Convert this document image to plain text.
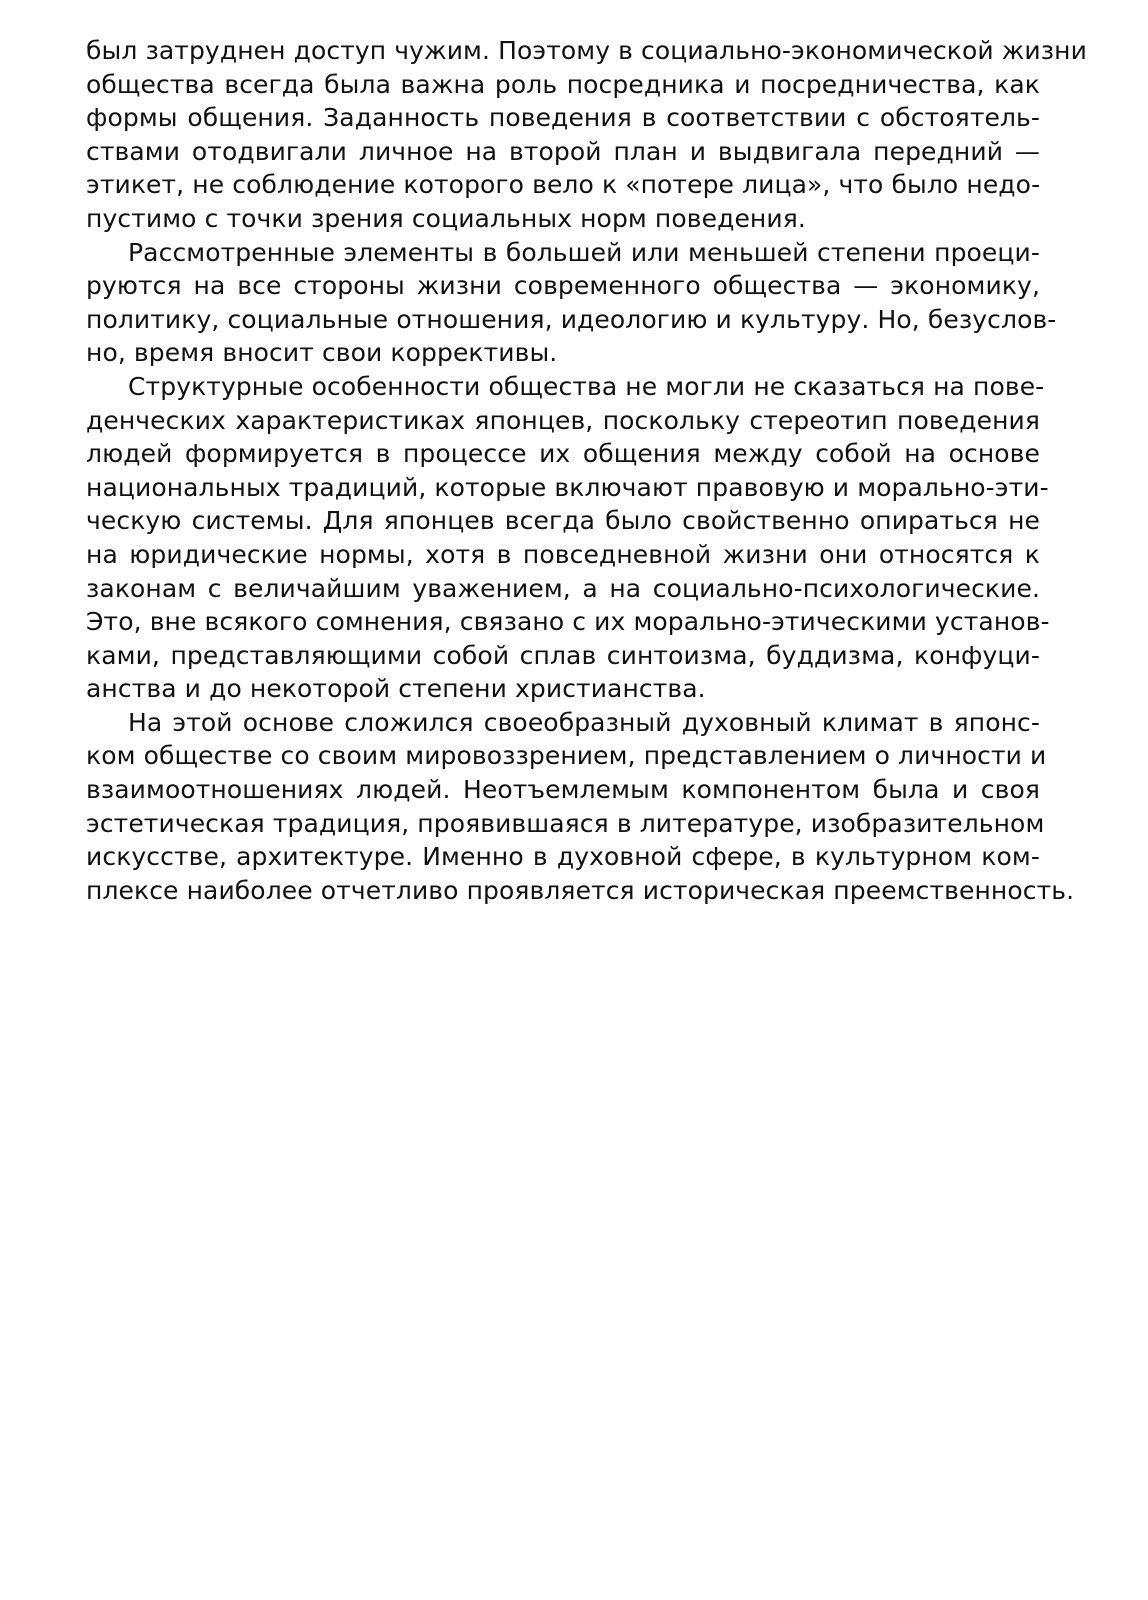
был затруднен доступ чужим. Поэтому в социально-экономической жизни
общества всегда была важна роль посредника и посредничества, как
формы общения. Заданность поведения в соответствии с обстоятель-
ствами отодвигали личное на второй план и выдвигала передний —
этикет, не соблюдение которого вело к «потере лица», что было недо-
пустимо с точки зрения социальных норм поведения.
Рассмотренные элементы в большей или меньшей степени проеци-
руются на все стороны жизни современного общества — экономику,
политику, социальные отношения, идеологию и культуру. Но, безуслов-
но, время вносит свои коррективы.
Структурные особенности общества не могли не сказаться на пове-
денческих характеристиках японцев, поскольку стереотип поведения
людей формируется в процессе их общения между собой на основе
национальных традиций, которые включают правовую и морально-эти-
ческую системы. Для японцев всегда было свойственно опираться не
на юридические нормы, хотя в повседневной жизни они относятся к
законам с величайшим уважением, а на социально-психологические.
Это, вне всякого сомнения, связано с их морально-этическими установ-
ками, представляющими собой сплав синтоизма, буддизма, конфуци-
анства и до некоторой степени христианства.
На этой основе сложился своеобразный духовный климат в японс-
ком обществе со своим мировоззрением, представлением о личности и
взаимоотношениях людей. Неотъемлемым компонентом была и своя
эстетическая традиция, проявившаяся в литературе, изобразительном
искусстве, архитектуре. Именно в духовной сфере, в культурном ком-
плексе наиболее отчетливо проявляется историческая преемственность.
